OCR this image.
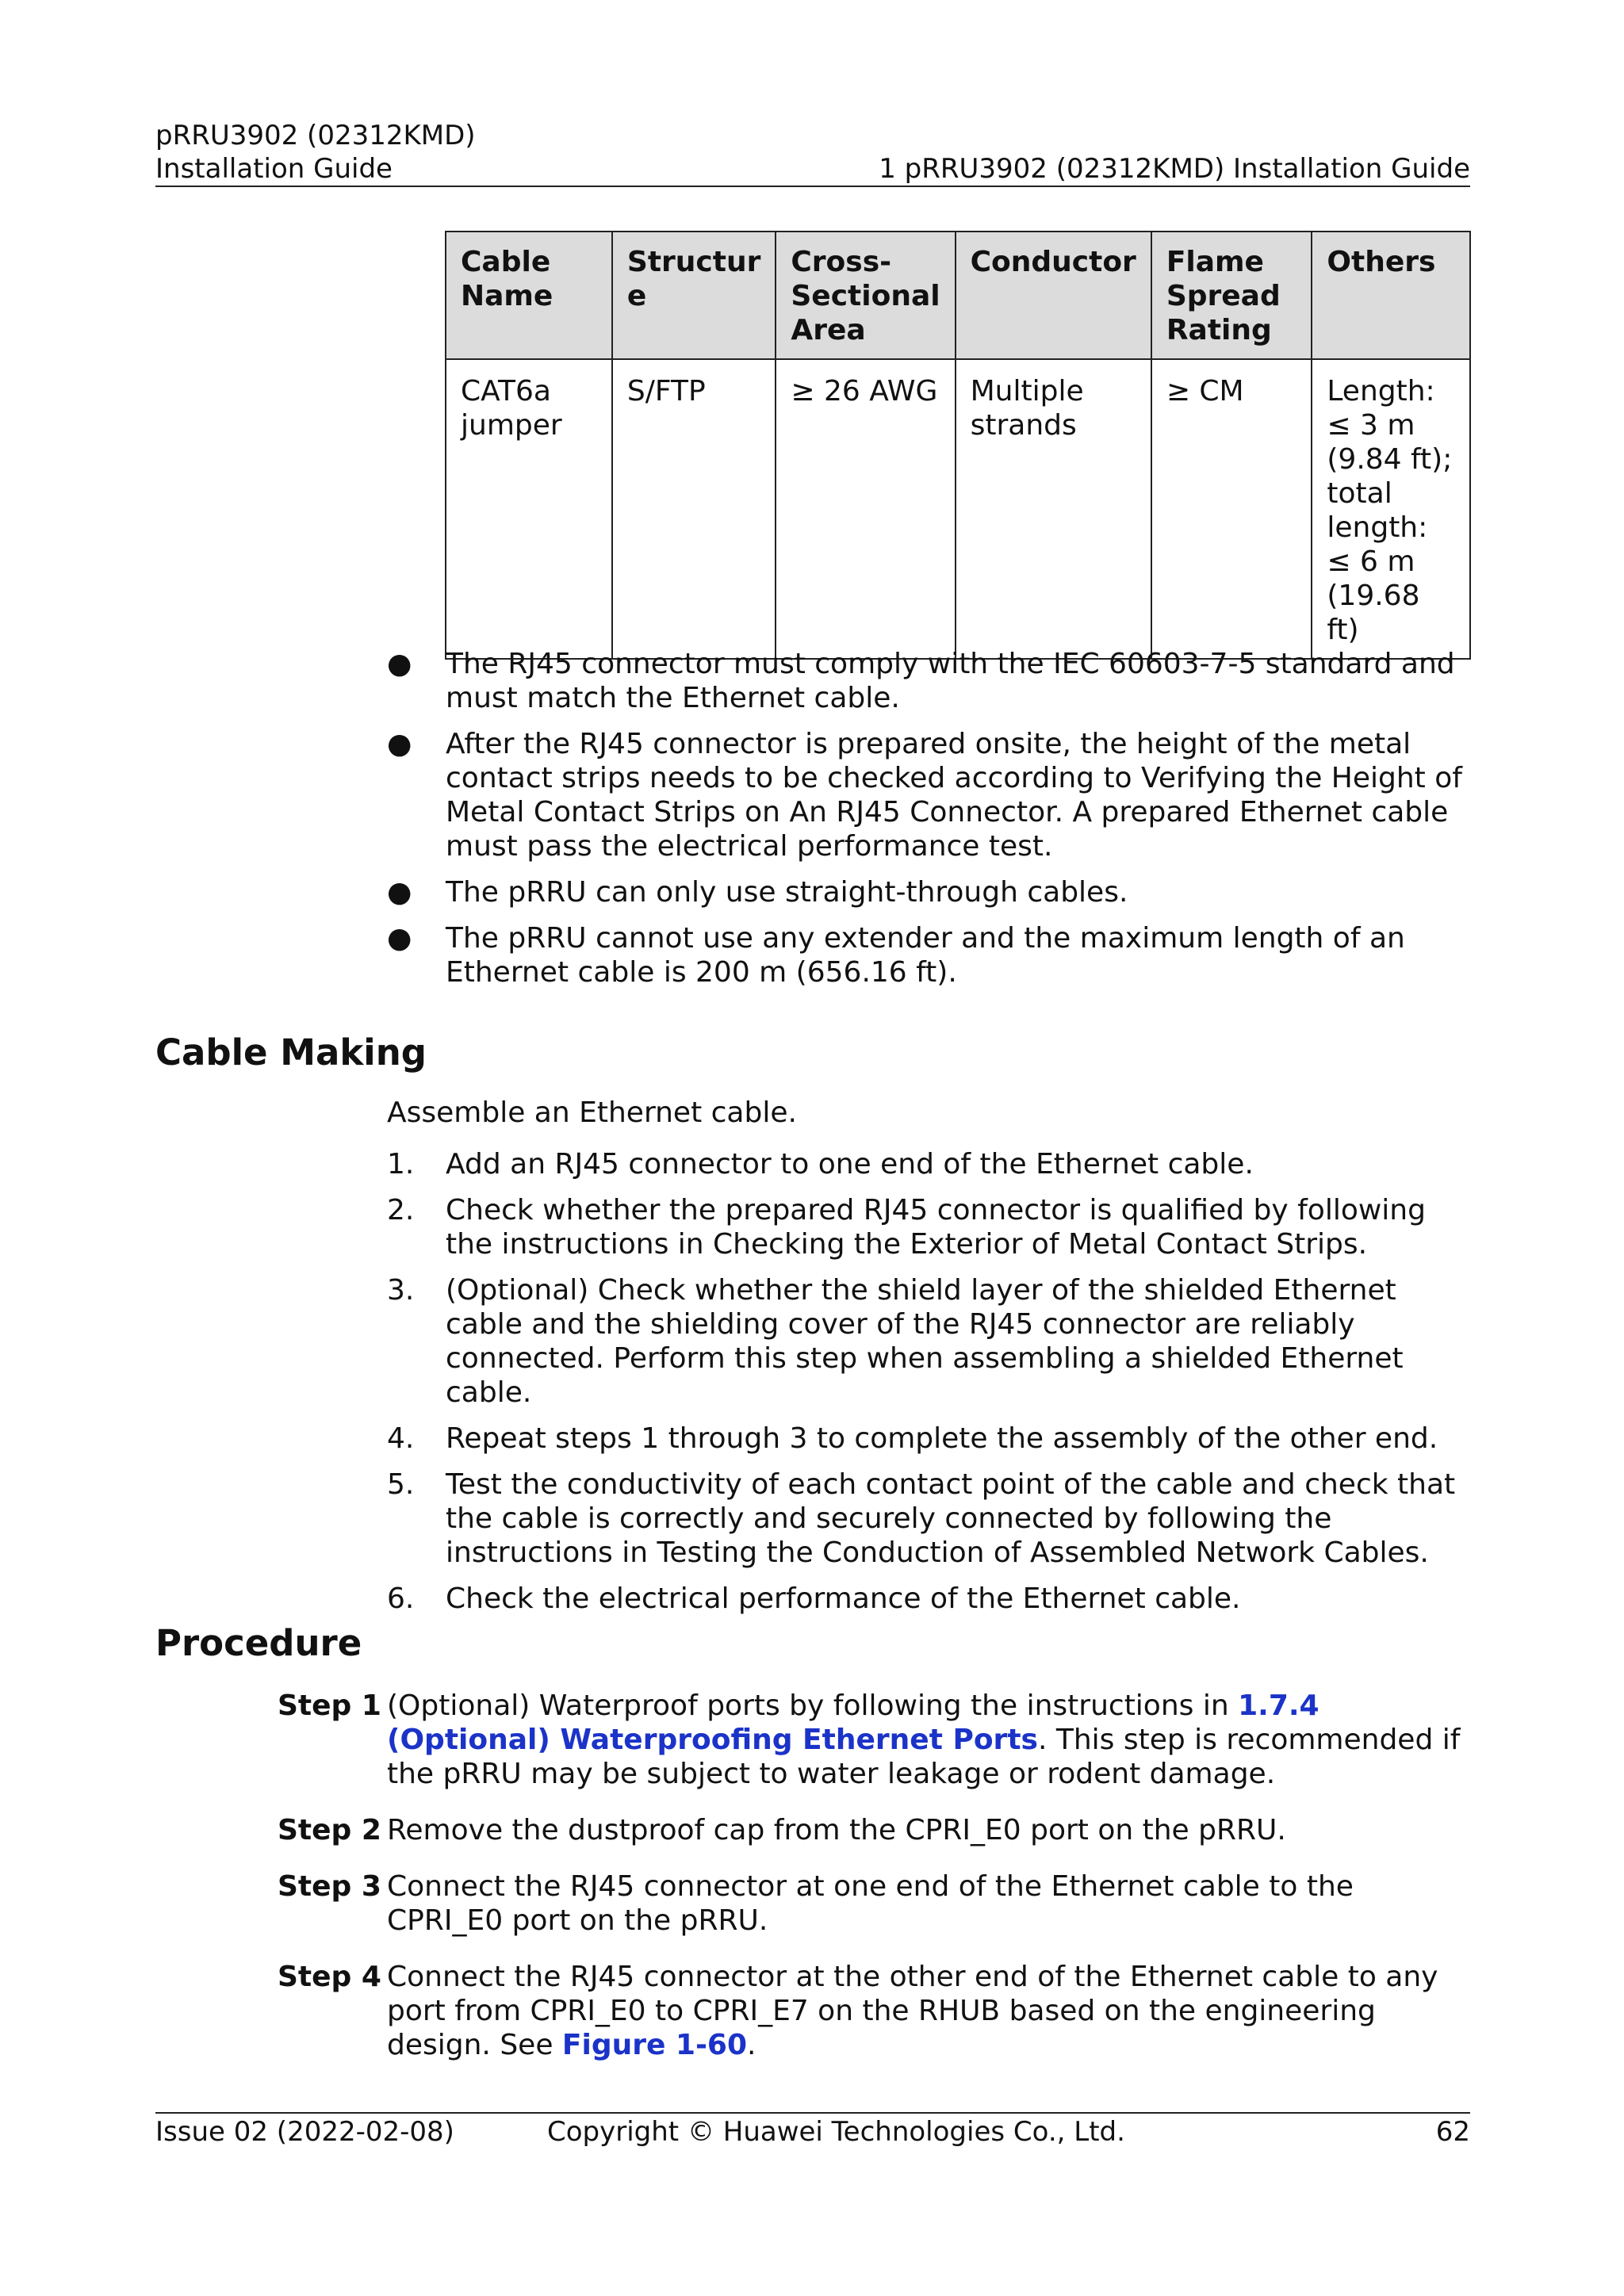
pRRU3902 (02312KMD)
Installation Guide	1 pRRU3902 (02312KMD) Installation Guide
Cable Name	Structur e	Cross-Sectional Area	Conductor	Flame Spread Rating	Others
CAT6a jumper	S/FTP	≥ 26 AWG	Multiple strands	≥ CM	Length: ≤ 3 m (9.84 ft); total length: ≤ 6 m (19.68 ft)
● The RJ45 connector must comply with the IEC 60603-7-5 standard and must match the Ethernet cable.
● After the RJ45 connector is prepared onsite, the height of the metal contact strips needs to be checked according to Verifying the Height of Metal Contact Strips on An RJ45 Connector. A prepared Ethernet cable must pass the electrical performance test.
● The pRRU can only use straight-through cables.
● The pRRU cannot use any extender and the maximum length of an Ethernet cable is 200 m (656.16 ft).
Cable Making
Assemble an Ethernet cable.
1. Add an RJ45 connector to one end of the Ethernet cable.
2. Check whether the prepared RJ45 connector is qualified by following the instructions in Checking the Exterior of Metal Contact Strips.
3. (Optional) Check whether the shield layer of the shielded Ethernet cable and the shielding cover of the RJ45 connector are reliably connected. Perform this step when assembling a shielded Ethernet cable.
4. Repeat steps 1 through 3 to complete the assembly of the other end.
5. Test the conductivity of each contact point of the cable and check that the cable is correctly and securely connected by following the instructions in Testing the Conduction of Assembled Network Cables.
6. Check the electrical performance of the Ethernet cable.
Procedure
Step 1 (Optional) Waterproof ports by following the instructions in 1.7.4 (Optional) Waterproofing Ethernet Ports. This step is recommended if the pRRU may be subject to water leakage or rodent damage.
Step 2 Remove the dustproof cap from the CPRI_E0 port on the pRRU.
Step 3 Connect the RJ45 connector at one end of the Ethernet cable to the CPRI_E0 port on the pRRU.
Step 4 Connect the RJ45 connector at the other end of the Ethernet cable to any port from CPRI_E0 to CPRI_E7 on the RHUB based on the engineering design. See Figure 1-60.
Issue 02 (2022-02-08)	Copyright © Huawei Technologies Co., Ltd.	62
